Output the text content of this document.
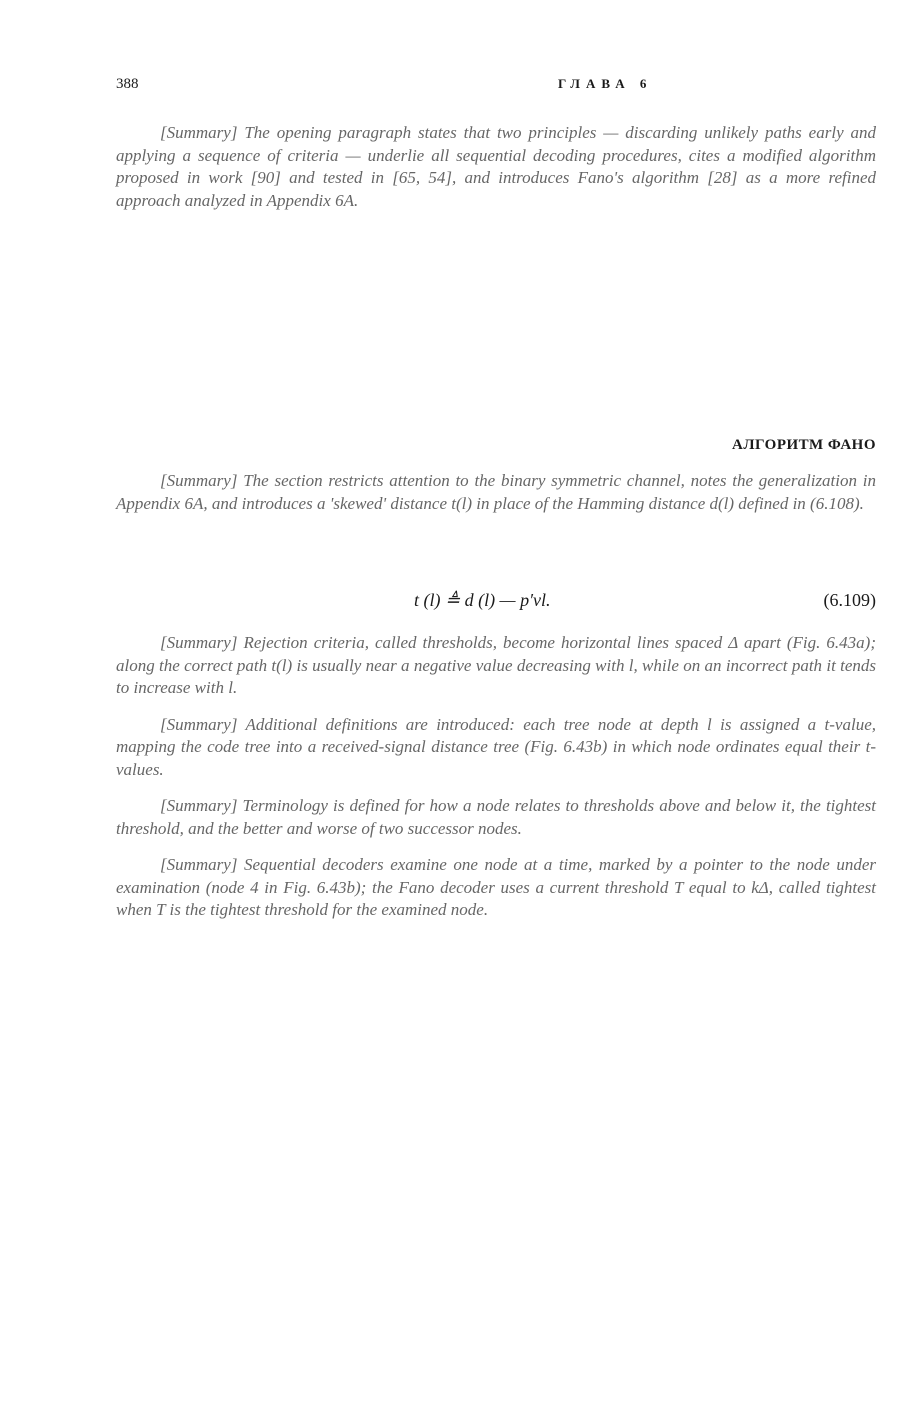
388	ГЛАВА 6

[Summary] The opening paragraph states that two principles — discarding unlikely paths early and applying a sequence of criteria — underlie all sequential decoding procedures, cites a modified algorithm proposed in work [90] and tested in [65, 54], and introduces Fano's algorithm [28] as a more refined approach analyzed in Appendix 6A.

АЛГОРИТМ ФАНО

[Summary] The section restricts attention to the binary symmetric channel, notes the generalization in Appendix 6A, and introduces a 'skewed' distance t(l) in place of the Hamming distance d(l) defined in (6.108).

t (l) ≜ d (l) — p′vl.	(6.109)

[Summary] Rejection criteria, called thresholds, become horizontal lines spaced Δ apart (Fig. 6.43a); along the correct path t(l) is usually near a negative value decreasing with l, while on an incorrect path it tends to increase with l.

[Summary] Additional definitions are introduced: each tree node at depth l is assigned a t-value, mapping the code tree into a received-signal distance tree (Fig. 6.43b) in which node ordinates equal their t-values.

[Summary] Terminology is defined for how a node relates to thresholds above and below it, the tightest threshold, and the better and worse of two successor nodes.

[Summary] Sequential decoders examine one node at a time, marked by a pointer to the node under examination (node 4 in Fig. 6.43b); the Fano decoder uses a current threshold T equal to kΔ, called tightest when T is the tightest threshold for the examined node.
